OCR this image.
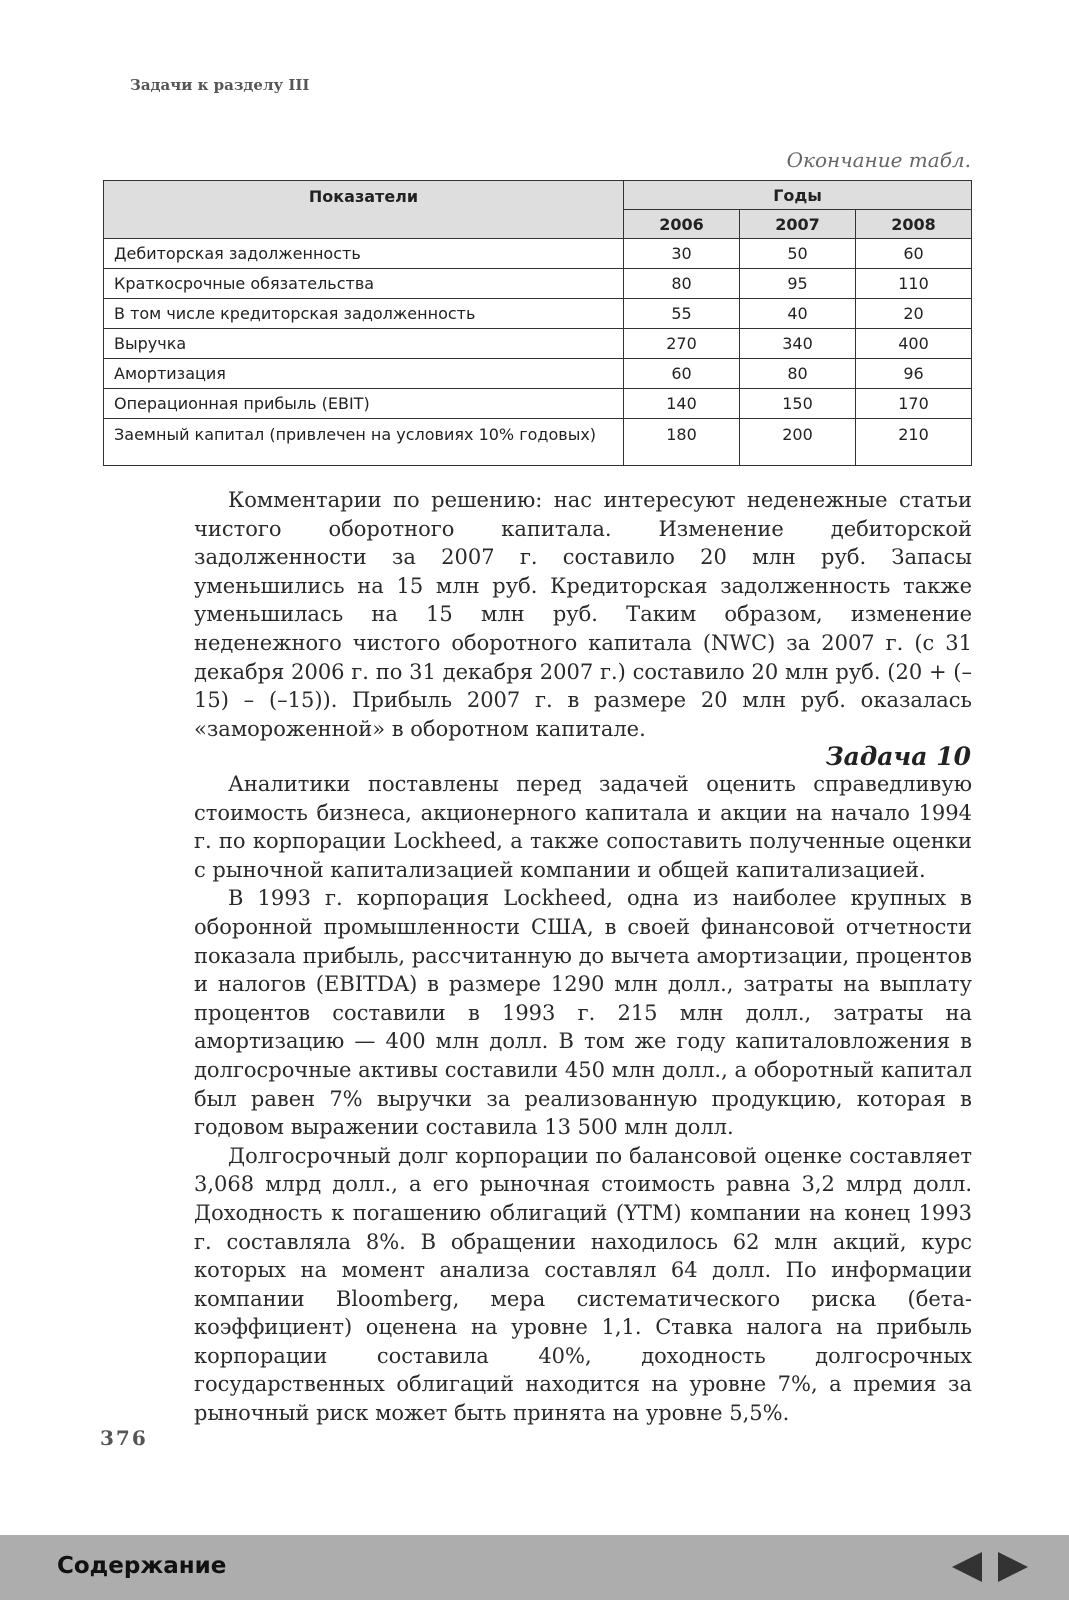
Задачи к разделу III
Окончание табл.
Показатели	Годы		
	2006	2007	2008
Дебиторская задолженность	30	50	60
Краткосрочные обязательства	80	95	110
В том числе кредиторская задолженность	55	40	20
Выручка	270	340	400
Амортизация	60	80	96
Операционная прибыль (EBIT)	140	150	170
Заемный капитал (привлечен на условиях 10% годовых)	180	200	210

Комментарии по решению: нас интересуют неденежные статьи чистого оборотного капитала. Изменение дебиторской задолженности за 2007 г. составило 20 млн руб. Запасы уменьшились на 15 млн руб. Кредиторская задолженность также уменьшилась на 15 млн руб. Таким образом, изменение неденежного чистого оборотного капитала (NWC) за 2007 г. (с 31 декабря 2006 г. по 31 декабря 2007 г.) составило 20 млн руб. (20 + (–15) – (–15)). Прибыль 2007 г. в размере 20 млн руб. оказалась «замороженной» в оборотном капитале.

Задача 10

Аналитики поставлены перед задачей оценить справедливую стоимость бизнеса, акционерного капитала и акции на начало 1994 г. по корпорации Lockheed, а также сопоставить полученные оценки с рыночной капитализацией компании и общей капитализацией.

В 1993 г. корпорация Lockheed, одна из наиболее крупных в оборонной промышленности США, в своей финансовой отчетности показала прибыль, рассчитанную до вычета амортизации, процентов и налогов (EBITDA) в размере 1290 млн долл., затраты на выплату процентов составили в 1993 г. 215 млн долл., затраты на амортизацию — 400 млн долл. В том же году капиталовложения в долгосрочные активы составили 450 млн долл., а оборотный капитал был равен 7% выручки за реализованную продукцию, которая в годовом выражении составила 13 500 млн долл.

Долгосрочный долг корпорации по балансовой оценке составляет 3,068 млрд долл., а его рыночная стоимость равна 3,2 млрд долл. Доходность к погашению облигаций (YTM) компании на конец 1993 г. составляла 8%. В обращении находилось 62 млн акций, курс которых на момент анализа составлял 64 долл. По информации компании Bloomberg, мера систематического риска (бета-коэффициент) оценена на уровне 1,1. Ставка налога на прибыль корпорации составила 40%, доходность долгосрочных государственных облигаций находится на уровне 7%, а премия за рыночный риск может быть принята на уровне 5,5%.

376
Содержание
